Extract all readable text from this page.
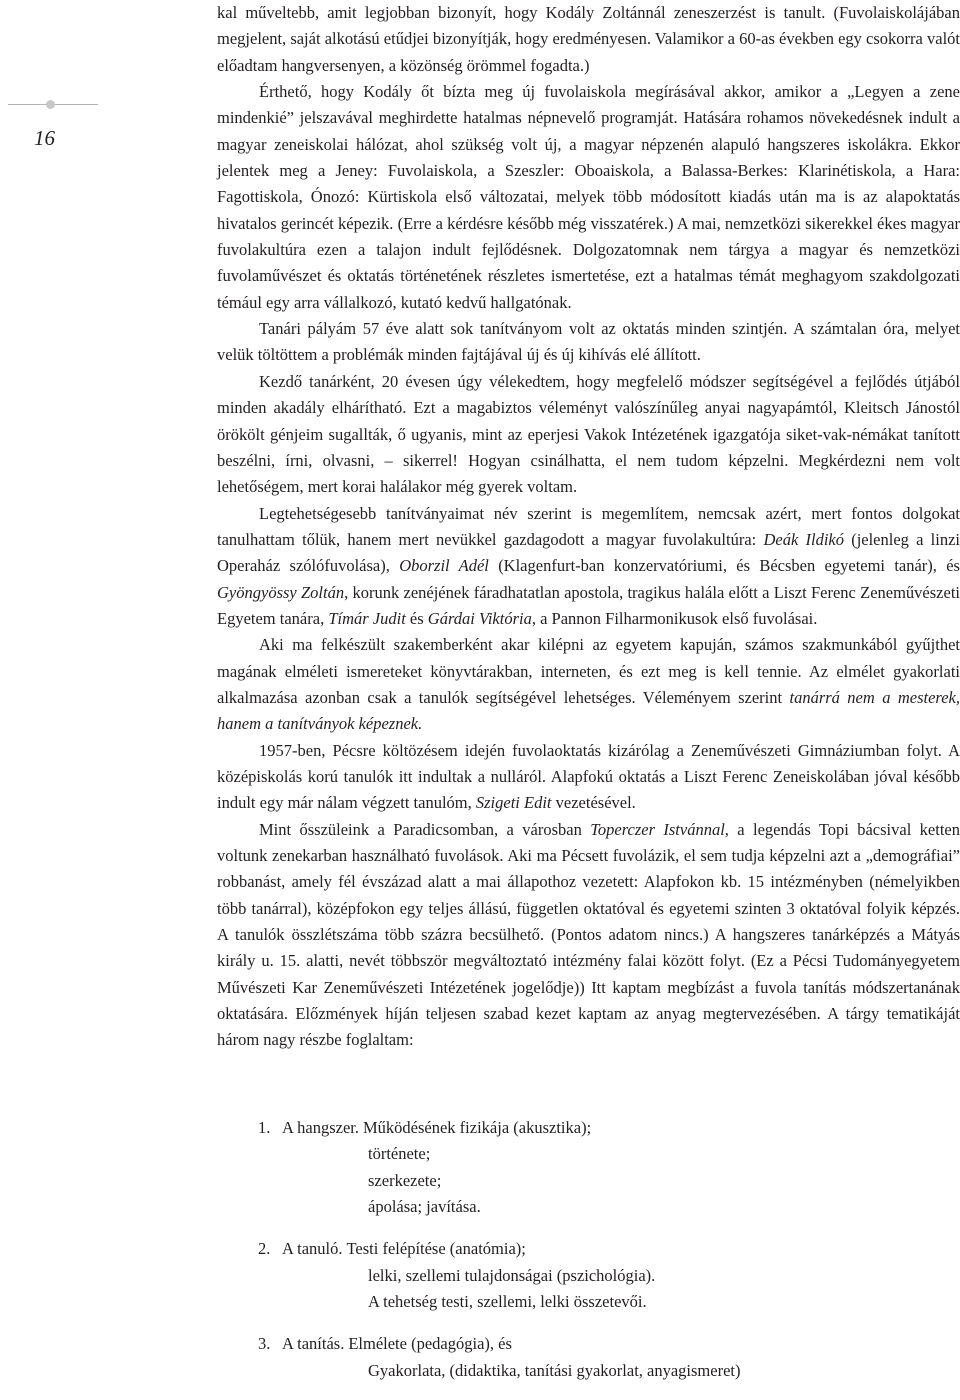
16

kal műveltebb, amit legjobban bizonyít, hogy Kodály Zoltánnál zeneszerzést is tanult. (Fuvolaiskolájában megjelent, saját alkotású etűdjei bizonyítják, hogy eredményesen. Valamikor a 60-as években egy csokorra valót előadtam hangversenyen, a közönség örömmel fogadta.)

Érthető, hogy Kodály őt bízta meg új fuvolaiskola megírásával akkor, amikor a „Legyen a zene mindenkié” jelszavával meghirdette hatalmas népnevelő programját. Hatására rohamos növekedésnek indult a magyar zeneiskolai hálózat, ahol szükség volt új, a magyar népzenén alapuló hangszeres iskolákra. Ekkor jelentek meg a Jeney: Fuvolaiskola, a Szeszler: Oboaiskola, a Balassa-Berkes: Klarinétiskola, a Hara: Fagottiskola, Ónozó: Kürtiskola első változatai, melyek több módosított kiadás után ma is az alapoktatás hivatalos gerincét képezik. (Erre a kérdésre később még visszatérek.) A mai, nemzetközi sikerekkel ékes magyar fuvolakultúra ezen a talajon indult fejlődésnek. Dolgozatomnak nem tárgya a magyar és nemzetközi fuvolaművészet és oktatás történetének részletes ismertetése, ezt a hatalmas témát meghagyom szakdolgozati témául egy arra vállalkozó, kutató kedvű hallgatónak.

Tanári pályám 57 éve alatt sok tanítványom volt az oktatás minden szintjén. A számtalan óra, melyet velük töltöttem a problémák minden fajtájával új és új kihívás elé állított.

Kezdő tanárként, 20 évesen úgy vélekedtem, hogy megfelelő módszer segítségével a fejlődés útjából minden akadály elhárítható. Ezt a magabiztos véleményt valószínűleg anyai nagyapámtól, Kleitsch Jánostól örökölt génjeim sugallták, ő ugyanis, mint az eperjesi Vakok Intézetének igazgatója siket-vak-némákat tanított beszélni, írni, olvasni, – sikerrel! Hogyan csinálhatta, el nem tudom képzelni. Megkérdezni nem volt lehetőségem, mert korai halálakor még gyerek voltam.

Legtehetségesebb tanítványaimat név szerint is megemlítem, nemcsak azért, mert fontos dolgokat tanulhattam tőlük, hanem mert nevükkel gazdagodott a magyar fuvolakultúra: Deák Ildikó (jelenleg a linzi Operaház szólófuvolása), Oborzil Adél (Klagenfurt-ban konzervatóriumi, és Bécsben egyetemi tanár), és Gyöngyössy Zoltán, korunk zenéjének fáradhatatlan apostola, tragikus halála előtt a Liszt Ferenc Zeneművészeti Egyetem tanára, Tímár Judit és Gárdai Viktória, a Pannon Filharmonikusok első fuvolásai.

Aki ma felkészült szakemberként akar kilépni az egyetem kapuján, számos szakmunkából gyűjthet magának elméleti ismereteket könyvtárakban, interneten, és ezt meg is kell tennie. Az elmélet gyakorlati alkalmazása azonban csak a tanulók segítségével lehetséges. Véleményem szerint tanárrá nem a mesterek, hanem a tanítványok képeznek.

1957-ben, Pécsre költözésem idején fuvolaoktatás kizárólag a Zeneművészeti Gimnáziumban folyt. A középiskolás korú tanulók itt indultak a nulláról. Alapfokú oktatás a Liszt Ferenc Zeneiskolában jóval később indult egy már nálam végzett tanulóm, Szigeti Edit vezetésével.

Mint ősszüleink a Paradicsomban, a városban Toperczer Istvánnal, a legendás Topi bácsival ketten voltunk zenekarban használható fuvolások. Aki ma Pécsett fuvolázik, el sem tudja képzelni azt a „demográfiai” robbanást, amely fél évszázad alatt a mai állapothoz vezetett: Alapfokon kb. 15 intézményben (némelyikben több tanárral), középfokon egy teljes állású, független oktatóval és egyetemi szinten 3 oktatóval folyik képzés. A tanulók összlétszáma több százra becsülhető. (Pontos adatom nincs.) A hangszeres tanárképzés a Mátyás király u. 15. alatti, nevét többször megváltoztató intézmény falai között folyt. (Ez a Pécsi Tudományegyetem Művészeti Kar Zeneművészeti Intézetének jogelődje)) Itt kaptam megbízást a fuvola tanítás módszertanának oktatására. Előzmények híján teljesen szabad kezet kaptam az anyag megtervezésében. A tárgy tematikáját három nagy részbe foglaltam:

1. A hangszer. Működésének fizikája (akusztika);
története;
szerkezete;
ápolása; javítása.
2. A tanuló. Testi felépítése (anatómia);
lelki, szellemi tulajdonságai (pszichológia).
A tehetség testi, szellemi, lelki összetevői.
3. A tanítás. Elmélete (pedagógia), és
Gyakorlata, (didaktika, tanítási gyakorlat, anyagismeret)
